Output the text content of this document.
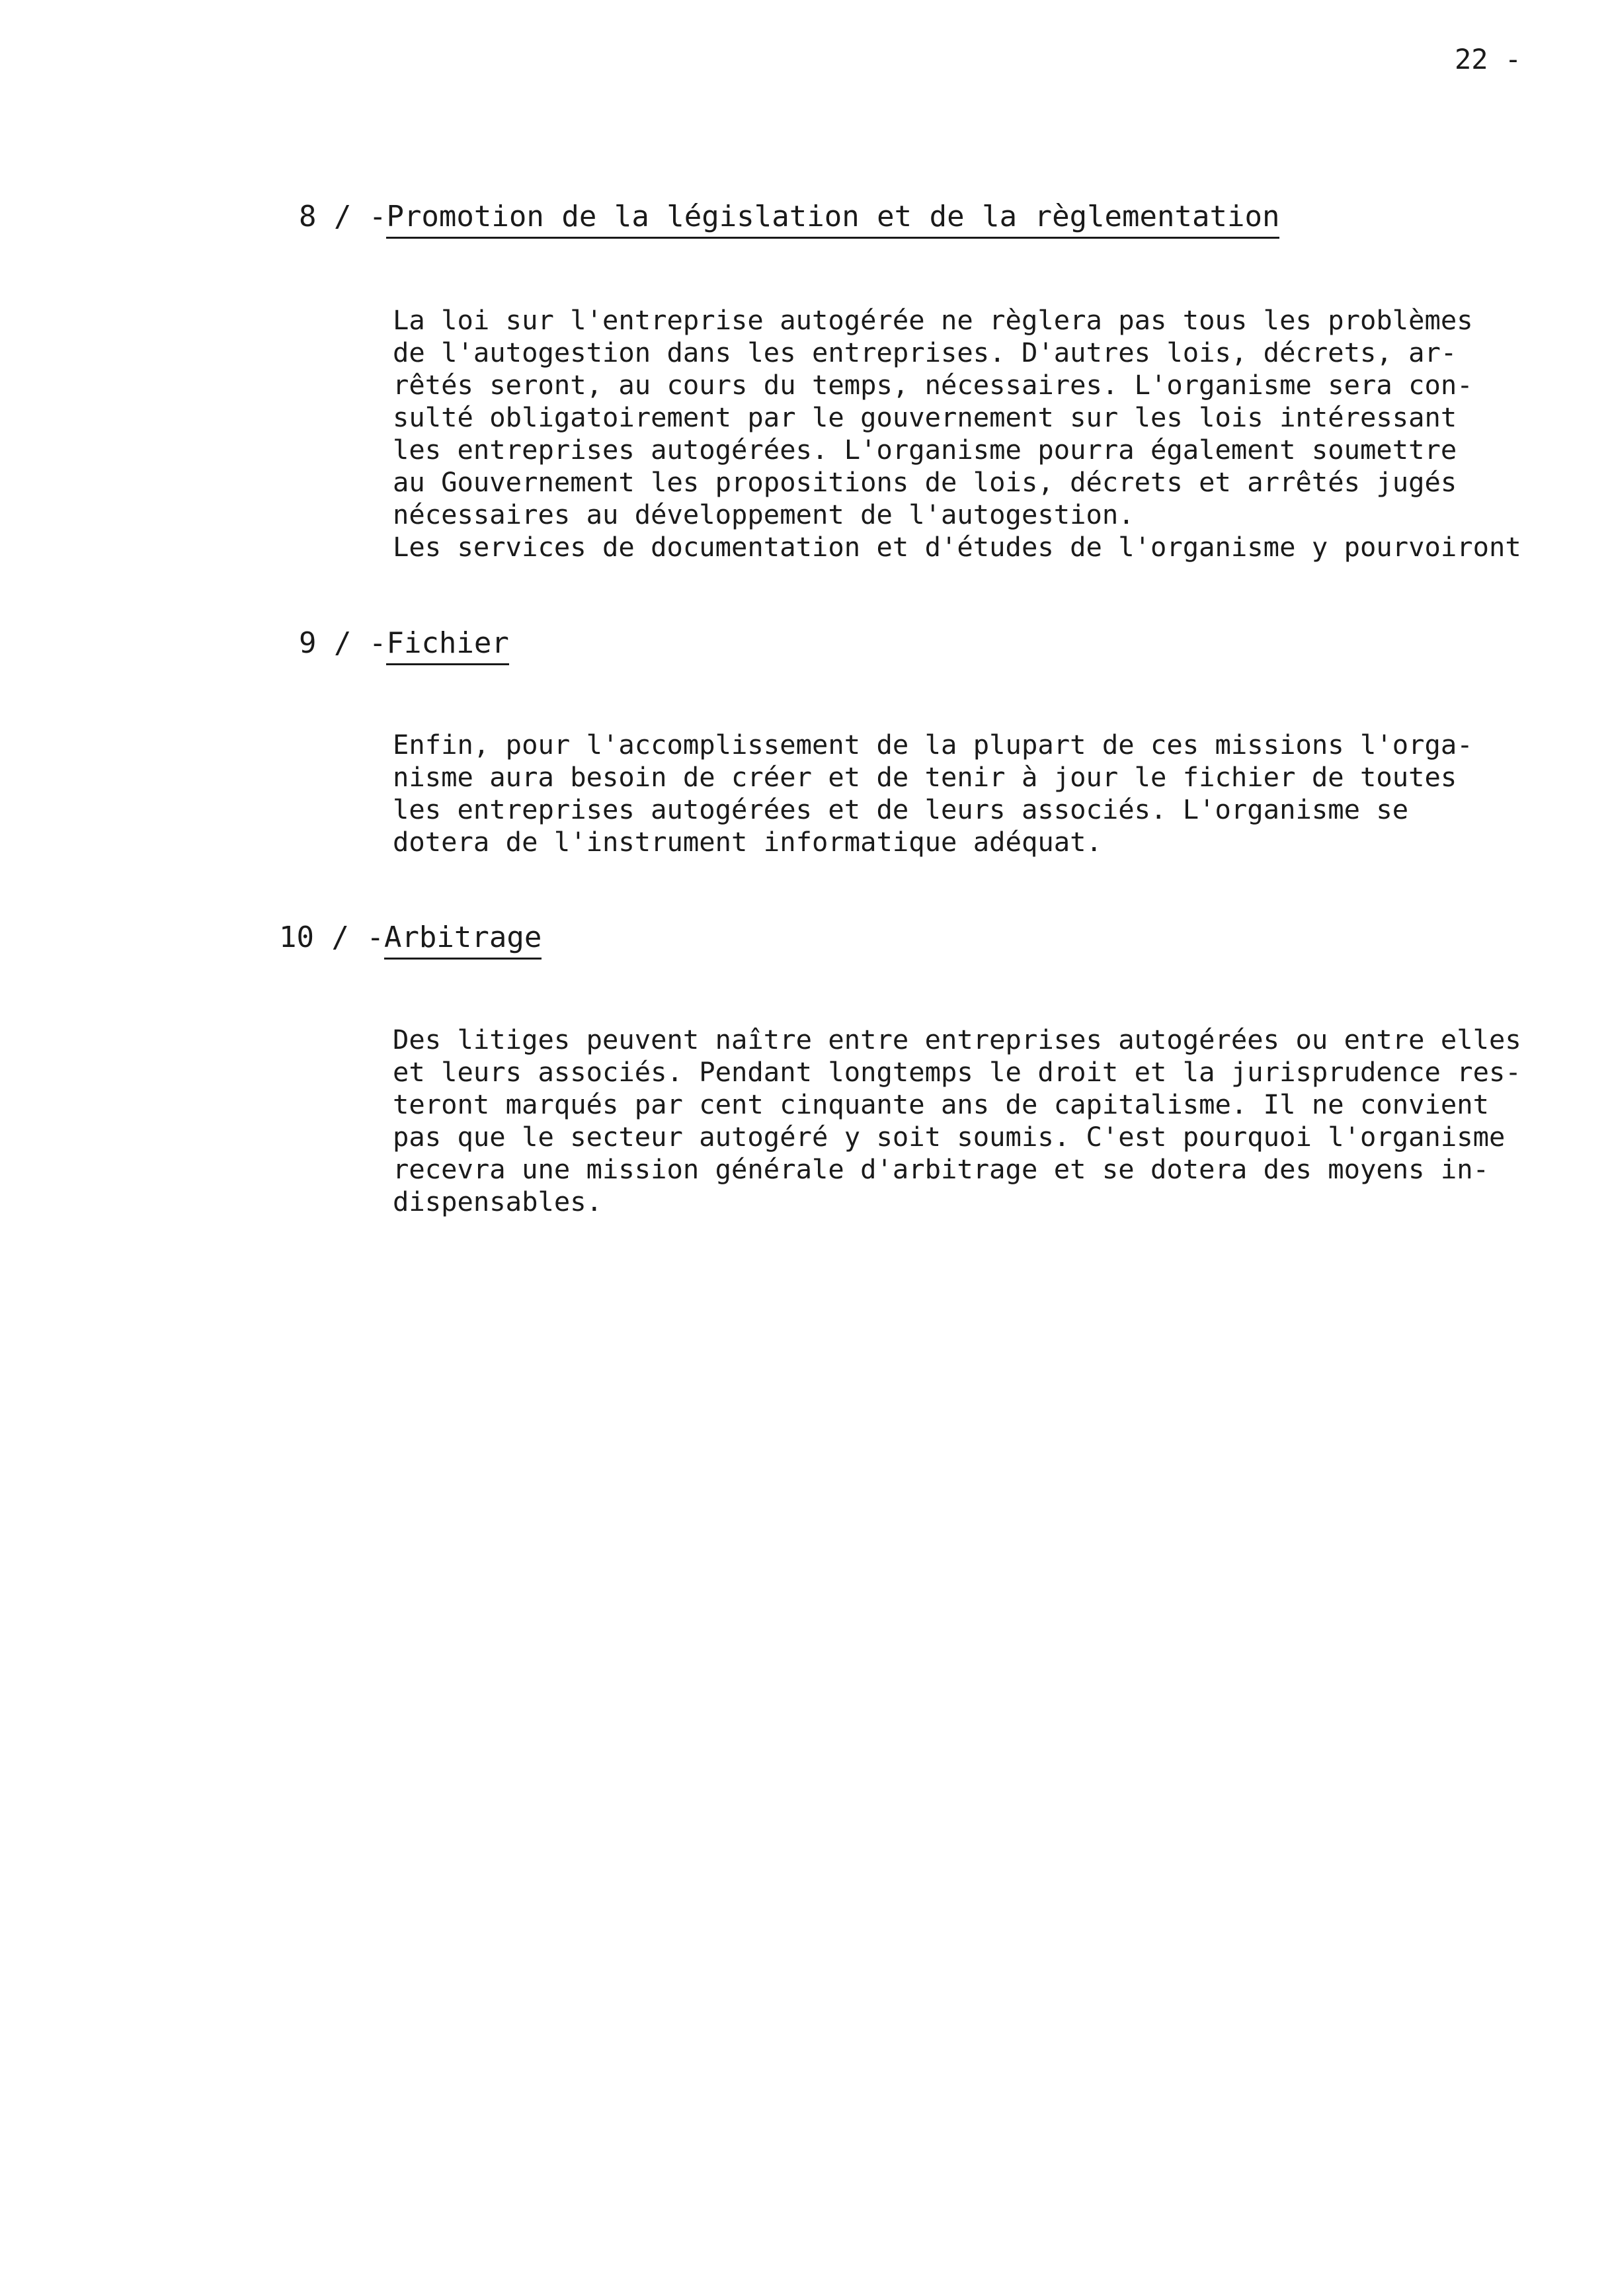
22 -
8 / -Promotion de la législation et de la règlementation
La loi sur l'entreprise autogérée ne règlera pas tous les problèmes
de l'autogestion dans les entreprises. D'autres lois, décrets, ar-
rêtés seront, au cours du temps, nécessaires. L'organisme sera con-
sulté obligatoirement par le gouvernement sur les lois intéressant
les entreprises autogérées. L'organisme pourra également soumettre
au Gouvernement les propositions de lois, décrets et arrêtés jugés
nécessaires au développement de l'autogestion.
Les services de documentation et d'études de l'organisme y pourvoiront
9 / -Fichier
Enfin, pour l'accomplissement de la plupart de ces missions l'orga-
nisme aura besoin de créer et de tenir à jour le fichier de toutes
les entreprises autogérées et de leurs associés. L'organisme se
dotera de l'instrument informatique adéquat.
10 / -Arbitrage
Des litiges peuvent naître entre entreprises autogérées ou entre elles
et leurs associés. Pendant longtemps le droit et la jurisprudence res-
teront marqués par cent cinquante ans de capitalisme. Il ne convient
pas que le secteur autogéré y soit soumis. C'est pourquoi l'organisme
recevra une mission générale d'arbitrage et se dotera des moyens in-
dispensables.
